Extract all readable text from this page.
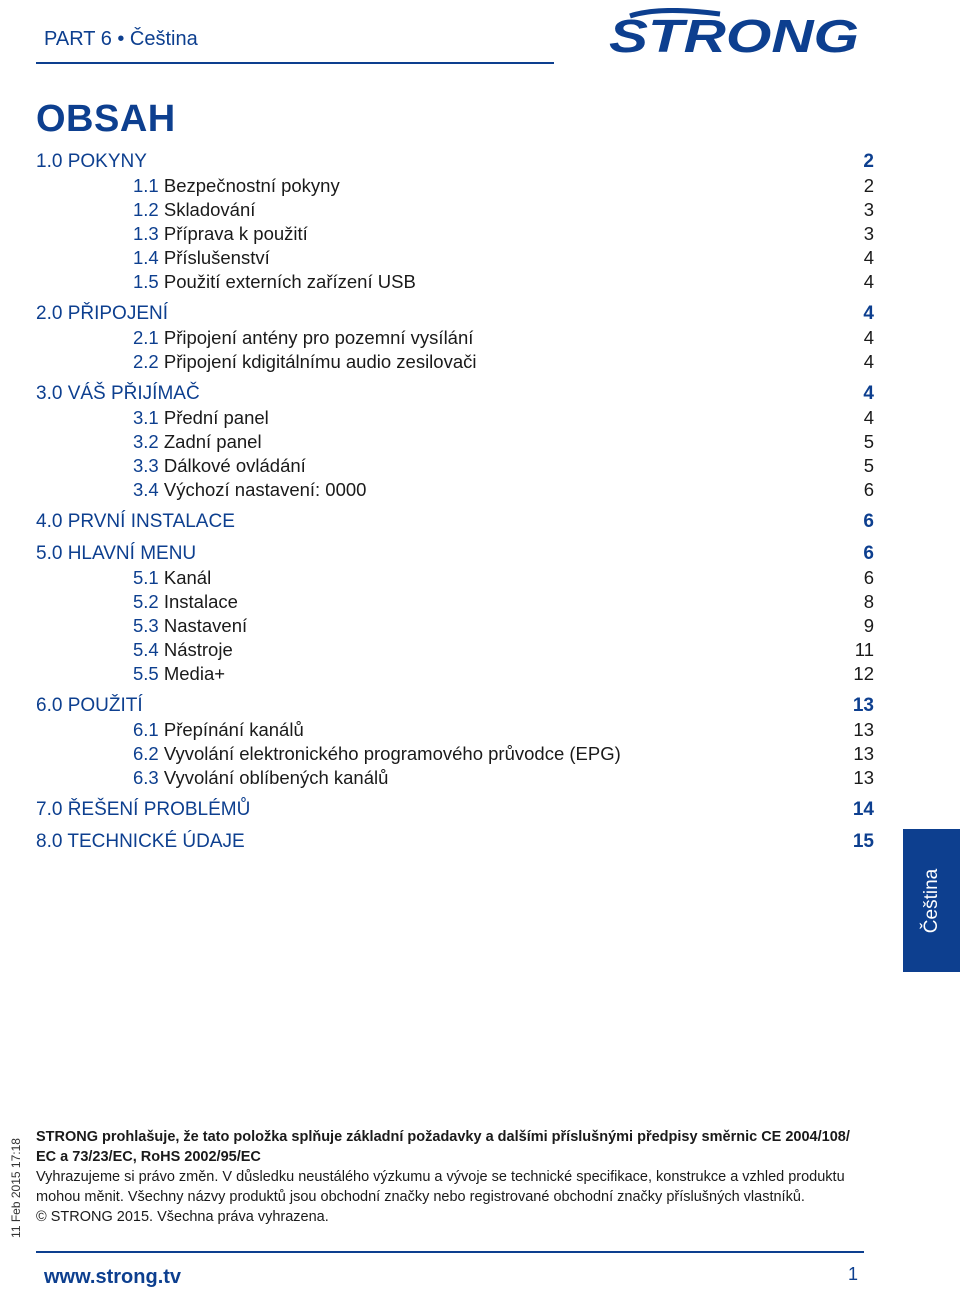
PART 6 • Čeština	STRONG
OBSAH
1.0 POKYNY	2
1.1 Bezpečnostní pokyny	2
1.2 Skladování	3
1.3 Příprava k použití	3
1.4 Příslušenství	4
1.5 Použití externích zařízení USB	4
2.0 PŘIPOJENÍ	4
2.1 Připojení antény pro pozemní vysílání	4
2.2 Připojení kdigitálnímu audio zesilovači	4
3.0 VÁŠ PŘIJÍMAČ	4
3.1 Přední panel	4
3.2 Zadní panel	5
3.3 Dálkové ovládání	5
3.4 Výchozí nastavení: 0000	6
4.0 PRVNÍ INSTALACE	6
5.0 HLAVNÍ MENU	6
5.1 Kanál	6
5.2 Instalace	8
5.3 Nastavení	9
5.4 Nástroje	11
5.5 Media+	12
6.0 POUŽITÍ	13
6.1 Přepínání kanálů	13
6.2 Vyvolání elektronického programového průvodce (EPG)	13
6.3 Vyvolání oblíbených kanálů	13
7.0 ŘEŠENÍ PROBLÉMŮ	14
8.0 TECHNICKÉ ÚDAJE	15
Čeština
11 Feb 2015 17:18
STRONG prohlašuje, že tato položka splňuje základní požadavky a dalšími příslušnými předpisy směrnic CE 2004/108/ EC a 73/23/EC, RoHS 2002/95/EC
Vyhrazujeme si právo změn. V důsledku neustálého výzkumu a vývoje se technické specifikace, konstrukce a vzhled produktu mohou měnit. Všechny názvy produktů jsou obchodní značky nebo registrované obchodní značky příslušných vlastníků.
© STRONG 2015. Všechna práva vyhrazena.
www.strong.tv	1
